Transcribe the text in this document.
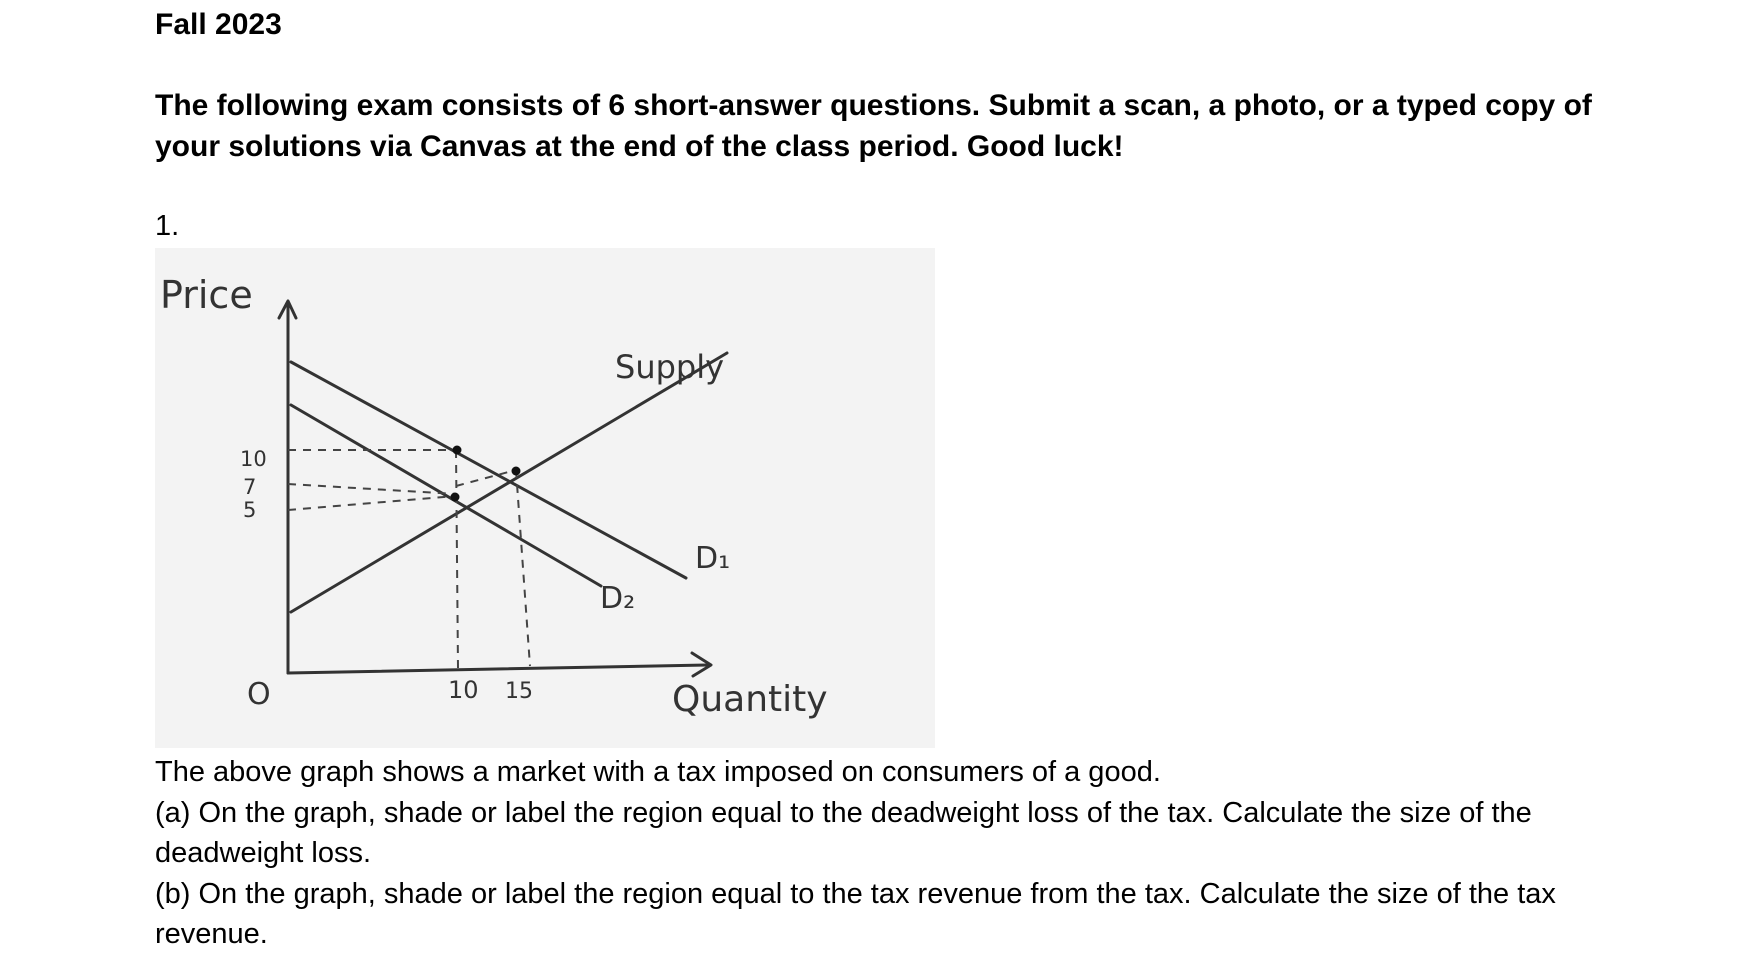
Fall 2023

The following exam consists of 6 short-answer questions. Submit a scan, a photo, or a typed copy of your solutions via Canvas at the end of the class period. Good luck!

1.

Price
Supply
D₁
D₂
10
7
5
O	10 15	Quantity

The above graph shows a market with a tax imposed on consumers of a good.

(a) On the graph, shade or label the region equal to the deadweight loss of the tax. Calculate the size of the deadweight loss.

(b) On the graph, shade or label the region equal to the tax revenue from the tax. Calculate the size of the tax revenue.
